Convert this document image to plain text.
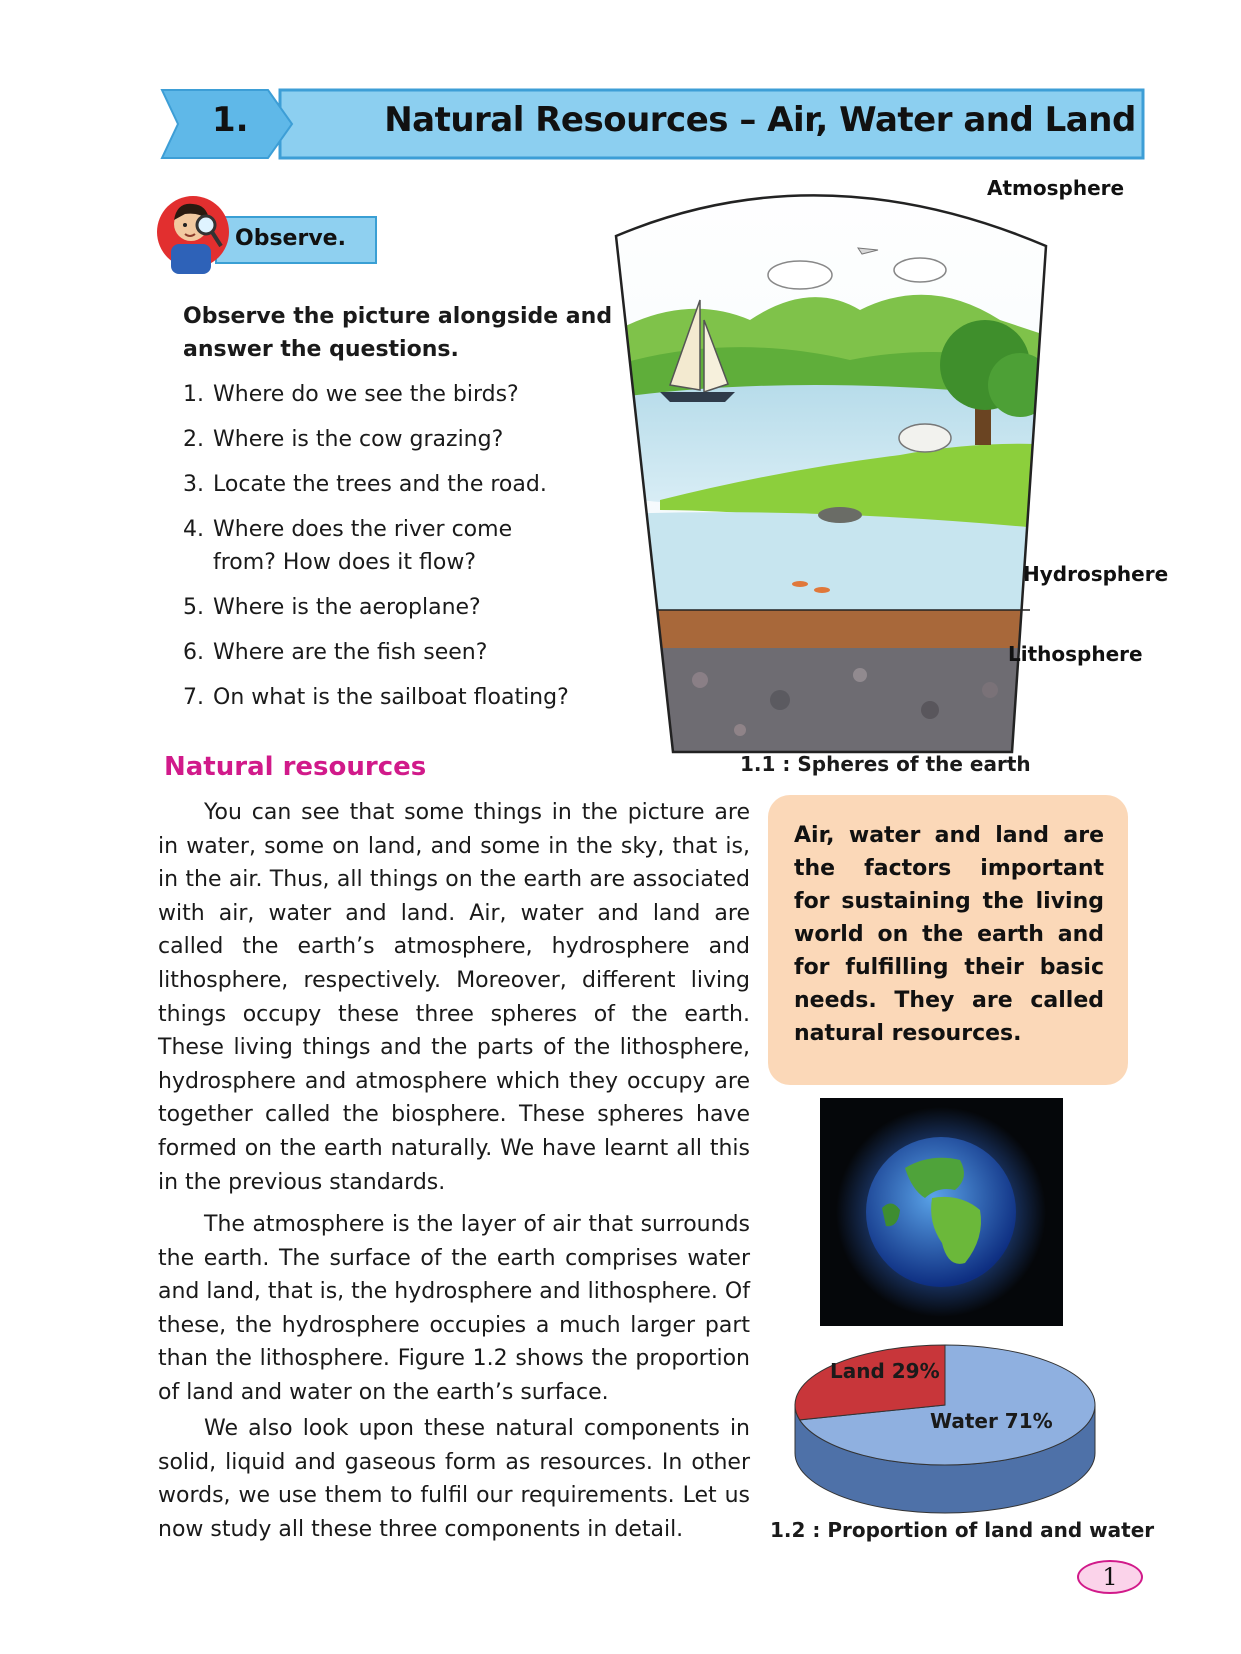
1.	Natural Resources – Air, Water and Land
Observe.
Observe the picture alongside and answer the questions.
1. Where do we see the birds?
2. Where is the cow grazing?
3. Locate the trees and the road.
4. Where does the river come from? How does it flow?
5. Where is the aeroplane?
6. Where are the fish seen?
7. On what is the sailboat floating?
Atmosphere
Hydrosphere
Lithosphere
1.1 : Spheres of the earth
Natural resources

You can see that some things in the picture are in water, some on land, and some in the sky, that is, in the air. Thus, all things on the earth are associated with air, water and land. Air, water and land are called the earth’s atmosphere, hydrosphere and lithosphere, respectively. Moreover, different living things occupy these three spheres of the earth. These living things and the parts of the lithosphere, hydrosphere and atmosphere which they occupy are together called the biosphere. These spheres have formed on the earth naturally. We have learnt all this in the previous standards.

The atmosphere is the layer of air that surrounds the earth. The surface of the earth comprises water and land, that is, the hydrosphere and lithosphere. Of these, the hydrosphere occupies a much larger part than the lithosphere. Figure 1.2 shows the proportion of land and water on the earth’s surface.

We also look upon these natural components in solid, liquid and gaseous form as resources. In other words, we use them to fulfil our requirements. Let us now study all these three components in detail.

Air, water and land are the factors important for sustaining the living world on the earth and for fulfilling their basic needs. They are called natural resources.
Land 29%
Water 71%
1.2 : Proportion of land and water
1
